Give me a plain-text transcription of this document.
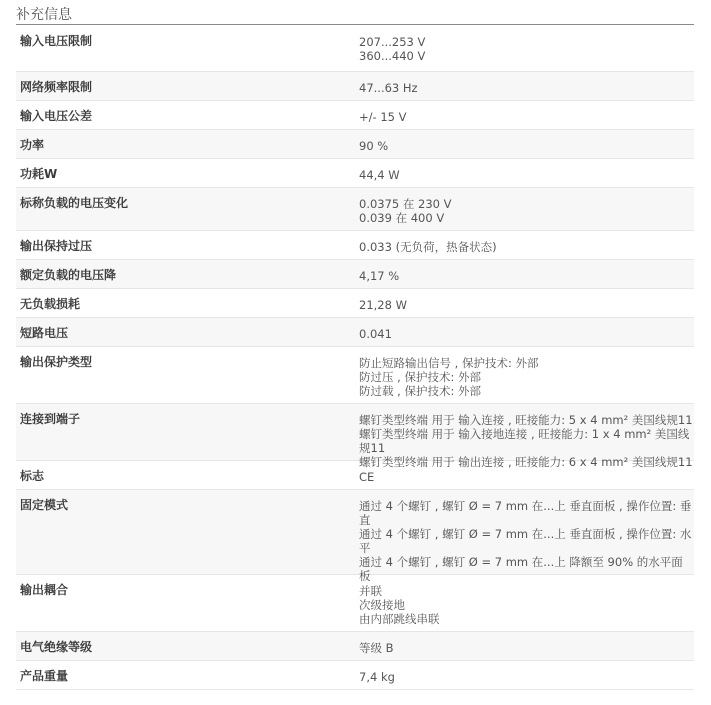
补充信息
输入电压限制	207...253 V
360...440 V
网络频率限制	47...63 Hz
输入电压公差	+/- 15 V
功率	90 %
功耗W	44,4 W
标称负载的电压变化	0.0375 在 230 V
0.039 在 400 V
输出保持过压	0.033 (无负荷，热备状态)
额定负载的电压降	4,17 %
无负载损耗	21,28 W
短路电压	0.041
输出保护类型	防止短路输出信号 , 保护技术: 外部
防过压 , 保护技术: 外部
防过载 , 保护技术: 外部
连接到端子	螺钉类型终端 用于 输入连接 , 旺接能力: 5 x 4 mm² 美国线规11
螺钉类型终端 用于 输入接地连接 , 旺接能力: 1 x 4 mm² 美国线
规11
螺钉类型终端 用于 输出连接 , 旺接能力: 6 x 4 mm² 美国线规11
标志	CE
固定模式	通过 4 个螺钉 , 螺钉 Ø = 7 mm 在...上 垂直面板 , 操作位置: 垂
直
通过 4 个螺钉 , 螺钉 Ø = 7 mm 在...上 垂直面板 , 操作位置: 水
平
通过 4 个螺钉 , 螺钉 Ø = 7 mm 在...上 降额至 90% 的水平面板
输出耦合	并联
次级接地
由内部跳线串联
电气绝缘等级	等级 B
产品重量	7,4 kg
